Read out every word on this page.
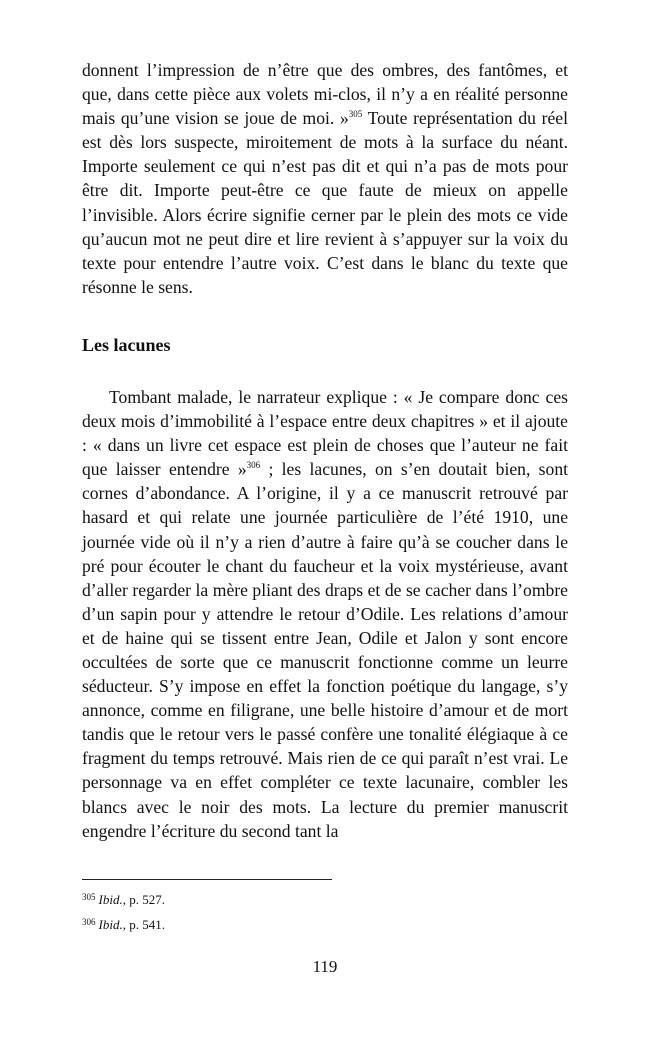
donnent l’impression de n’être que des ombres, des fantômes, et que, dans cette pièce aux volets mi-clos, il n’y a en réalité personne mais qu’une vision se joue de moi. »$^{305}$ Toute représentation du réel est dès lors suspecte, miroitement de mots à la surface du néant. Importe seulement ce qui n’est pas dit et qui n’a pas de mots pour être dit. Importe peut-être ce que faute de mieux on appelle l’invisible. Alors écrire signifie cerner par le plein des mots ce vide qu’aucun mot ne peut dire et lire revient à s’appuyer sur la voix du texte pour entendre l’autre voix. C’est dans le blanc du texte que résonne le sens.

Les lacunes

Tombant malade, le narrateur explique : « Je compare donc ces deux mois d’immobilité à l’espace entre deux chapitres » et il ajoute : « dans un livre cet espace est plein de choses que l’auteur ne fait que laisser entendre »$^{306}$ ; les lacunes, on s’en doutait bien, sont cornes d’abondance. A l’origine, il y a ce manuscrit retrouvé par hasard et qui relate une journée particulière de l’été 1910, une journée vide où il n’y a rien d’autre à faire qu’à se coucher dans le pré pour écouter le chant du faucheur et la voix mystérieuse, avant d’aller regarder la mère pliant des draps et de se cacher dans l’ombre d’un sapin pour y attendre le retour d’Odile. Les relations d’amour et de haine qui se tissent entre Jean, Odile et Jalon y sont encore occultées de sorte que ce manuscrit fonctionne comme un leurre séducteur. S’y impose en effet la fonction poétique du langage, s’y annonce, comme en filigrane, une belle histoire d’amour et de mort tandis que le retour vers le passé confère une tonalité élégiaque à ce fragment du temps retrouvé. Mais rien de ce qui paraît n’est vrai. Le personnage va en effet compléter ce texte lacunaire, combler les blancs avec le noir des mots. La lecture du premier manuscrit engendre l’écriture du second tant la

$^{305}$ Ibid., p. 527.
$^{306}$ Ibid., p. 541.
119
